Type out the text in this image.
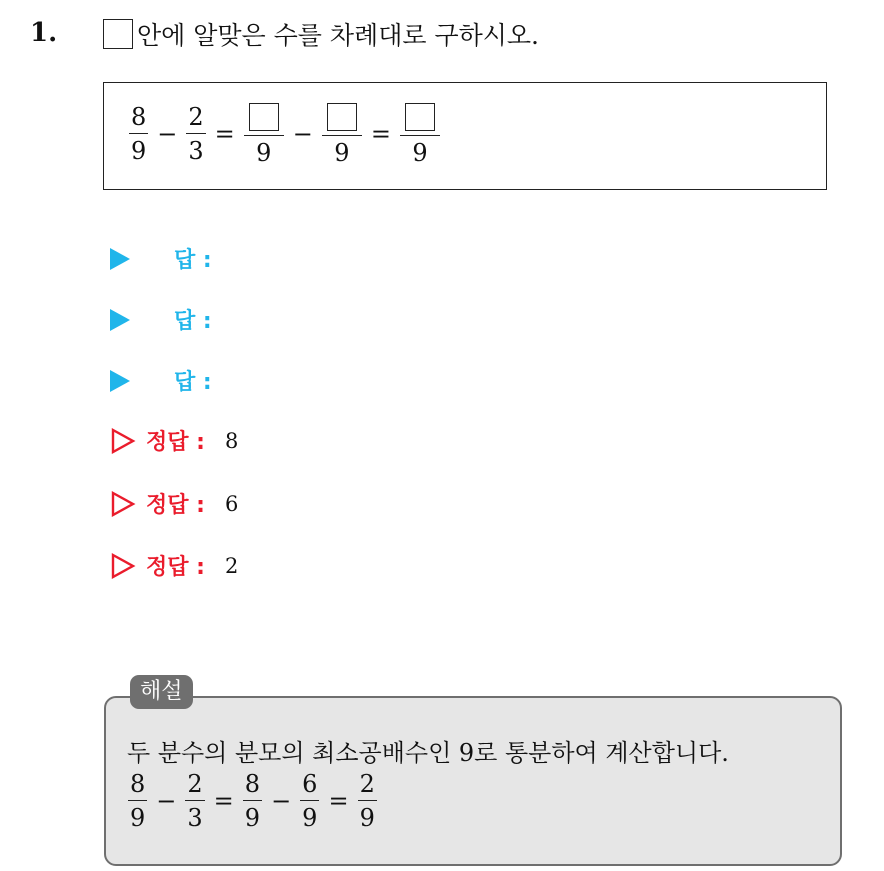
1.	안에 알맞은 수를 차례대로 구하시오.
$\frac{8}{9} - \frac{2}{3}$ =
9
−
9
=
9
답 :
답 :
답 :
정답 : 8
정답 : 6
정답 : 2
해설
두 분수의 분모의 최소공배수인 9로 통분하여 계산합니다.
$\frac{8}{9} - \frac{2}{3} = \frac{8}{9} - \frac{6}{9} = \frac{2}{9}$
